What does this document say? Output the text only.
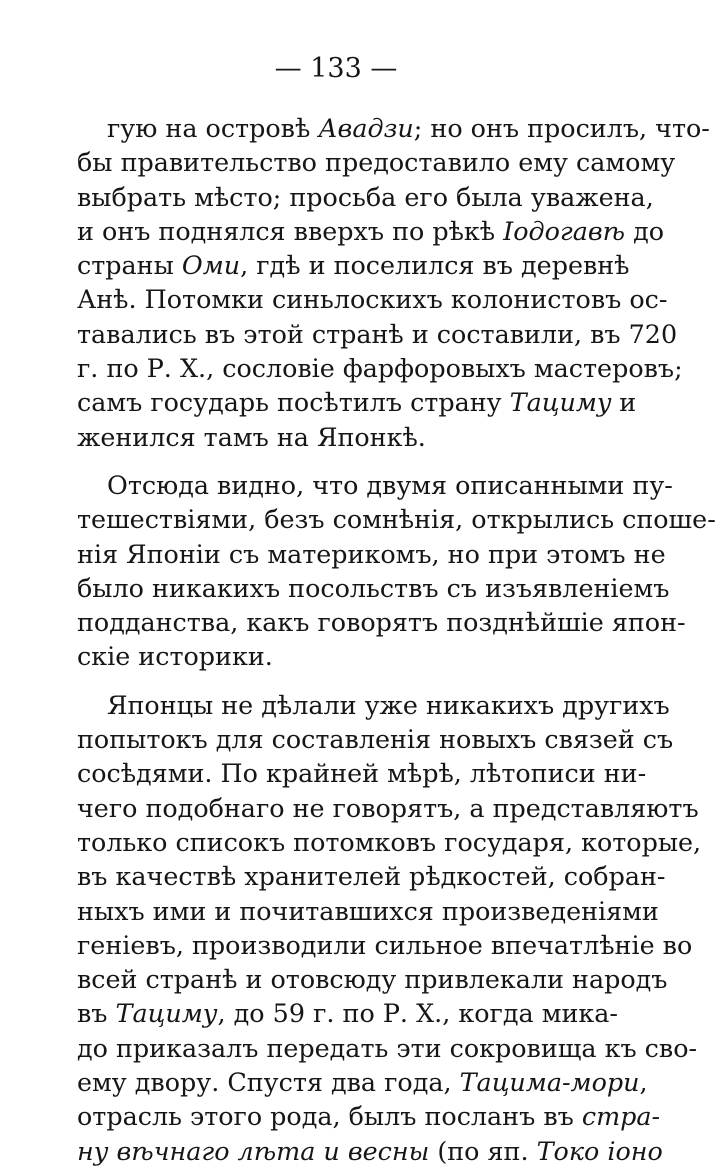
— 133 —
гую на островѣ Авадзи; но онъ просилъ, что-
бы правительство предоставило ему самому
выбрать мѣсто; просьба его была уважена,
и онъ поднялся вверхъ по рѣкѣ Іодогавѣ до
страны Оми, гдѣ и поселился въ деревнѣ
Анѣ. Потомки синьлоскихъ колонистовъ ос-
тавались въ этой странѣ и составили, въ 720
г. по Р. Х., сословіе фарфоровыхъ мастеровъ;
самъ государь посѣтилъ страну Тацимy и
женился тамъ на Японкѣ.
Отсюда видно, что двумя описанными пу-
тешествіями, безъ сомнѣнія, открылись споше-
нія Японіи съ материкомъ, но при этомъ не
было никакихъ посольствъ съ изъявленіемъ
подданства, какъ говорятъ позднѣйшіе япон-
скіе историки.
Японцы не дѣлали уже никакихъ другихъ
попытокъ для составленія новыхъ связей съ
сосѣдями. По крайней мѣрѣ, лѣтописи ни-
чего подобнаго не говорятъ, а представляютъ
только списокъ потомковъ государя, которые,
въ качествѣ хранителей рѣдкостей, собран-
ныхъ ими и почитавшихся произведеніями
геніевъ, производили сильное впечатлѣніе во
всей странѣ и отовсюду привлекали народъ
въ Тациму, до 59 г. по Р. Х., когда мика-
до приказалъ передать эти сокровища къ сво-
ему двору. Спустя два года, Тацима-мори,
отрасль этого рода, былъ посланъ въ стра-
ну вѣчнаго лѣта и весны (по яп. Токо іоно
